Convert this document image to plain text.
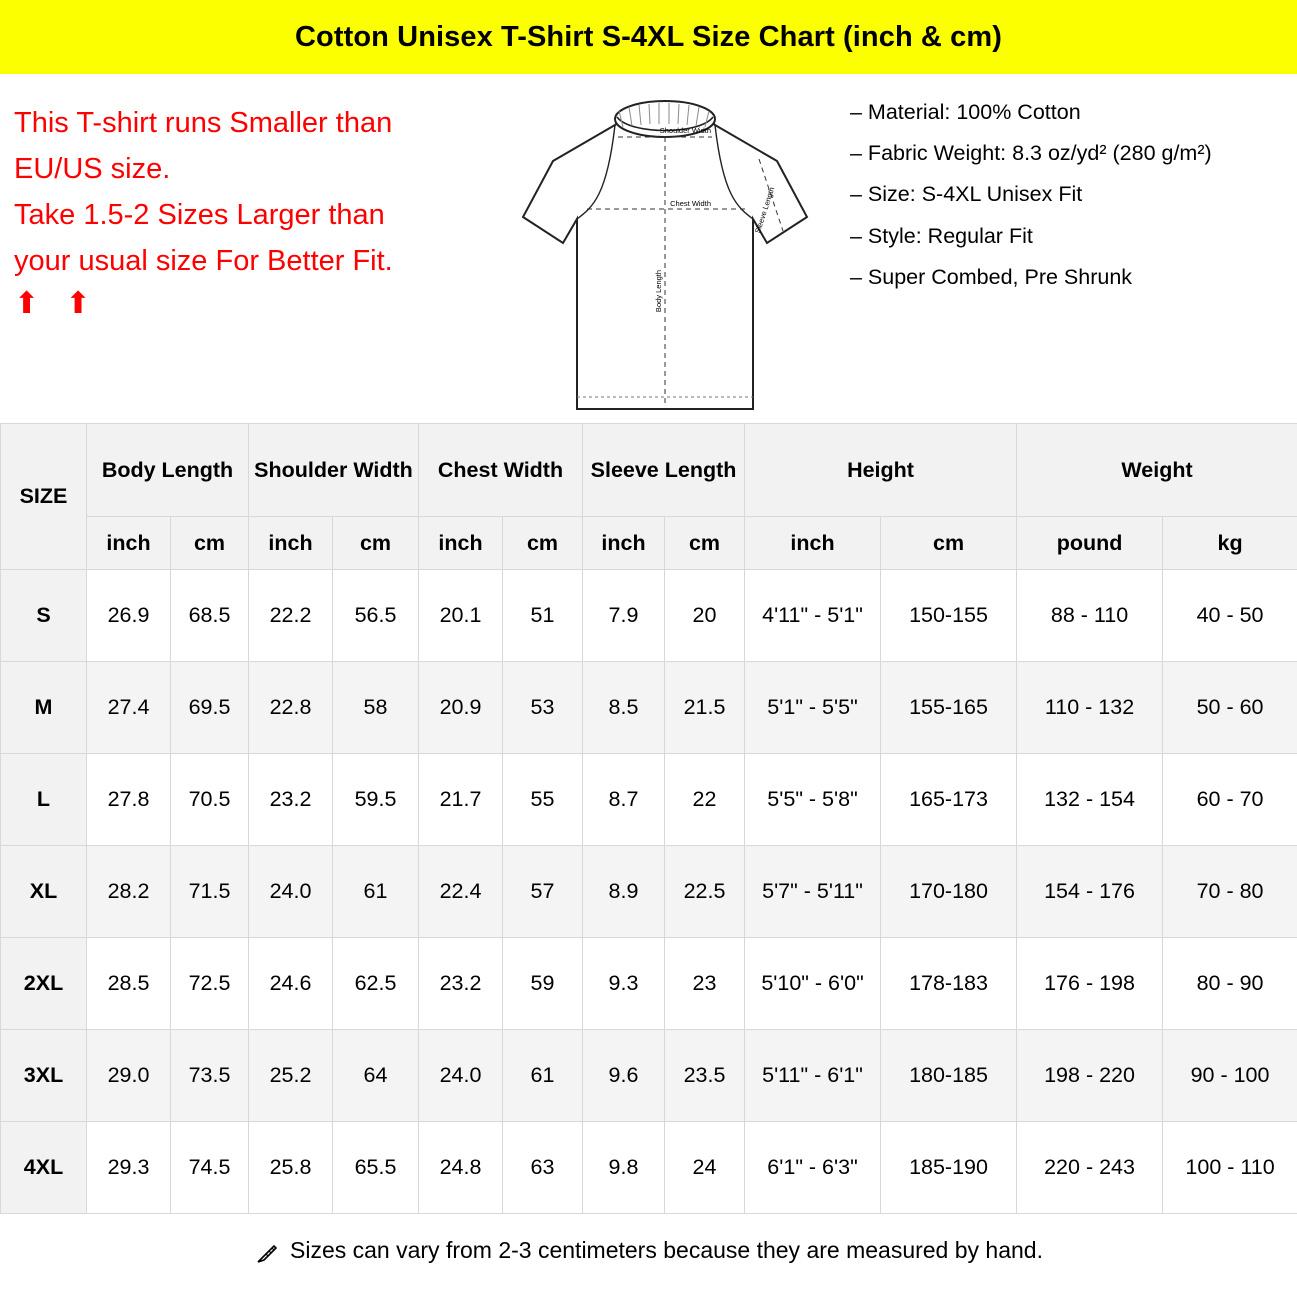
Cotton Unisex T-Shirt S-4XL Size Chart (inch & cm)

This T-shirt runs Smaller than

EU/US size.

Take 1.5-2 Sizes Larger than

your usual size For Better Fit.

⬆ ⬆
Shoulder Width
Chest Width
Body Length
Sleeve Length
– Material: 100% Cotton
– Fabric Weight: 8.3 oz/yd² (280 g/m²)
– Size: S-4XL Unisex Fit
– Style: Regular Fit
– Super Combed, Pre Shrunk
SIZE	Body Length		Shoulder Width		Chest Width		Sleeve Length		Height		Weight	
	inch	cm	inch	cm	inch	cm	inch	cm	inch	cm	pound	kg
S	26.9	68.5	22.2	56.5	20.1	51	7.9	20	4'11" - 5'1"	150-155	88 - 110	40 - 50
M	27.4	69.5	22.8	58	20.9	53	8.5	21.5	5'1" - 5'5"	155-165	110 - 132	50 - 60
L	27.8	70.5	23.2	59.5	21.7	55	8.7	22	5'5" - 5'8"	165-173	132 - 154	60 - 70
XL	28.2	71.5	24.0	61	22.4	57	8.9	22.5	5'7" - 5'11"	170-180	154 - 176	70 - 80
2XL	28.5	72.5	24.6	62.5	23.2	59	9.3	23	5'10" - 6'0"	178-183	176 - 198	80 - 90
3XL	29.0	73.5	25.2	64	24.0	61	9.6	23.5	5'11" - 6'1"	180-185	198 - 220	90 - 100
4XL	29.3	74.5	25.8	65.5	24.8	63	9.8	24	6'1" - 6'3"	185-190	220 - 243	100 - 110
Sizes can vary from 2-3 centimeters because they are measured by hand.
